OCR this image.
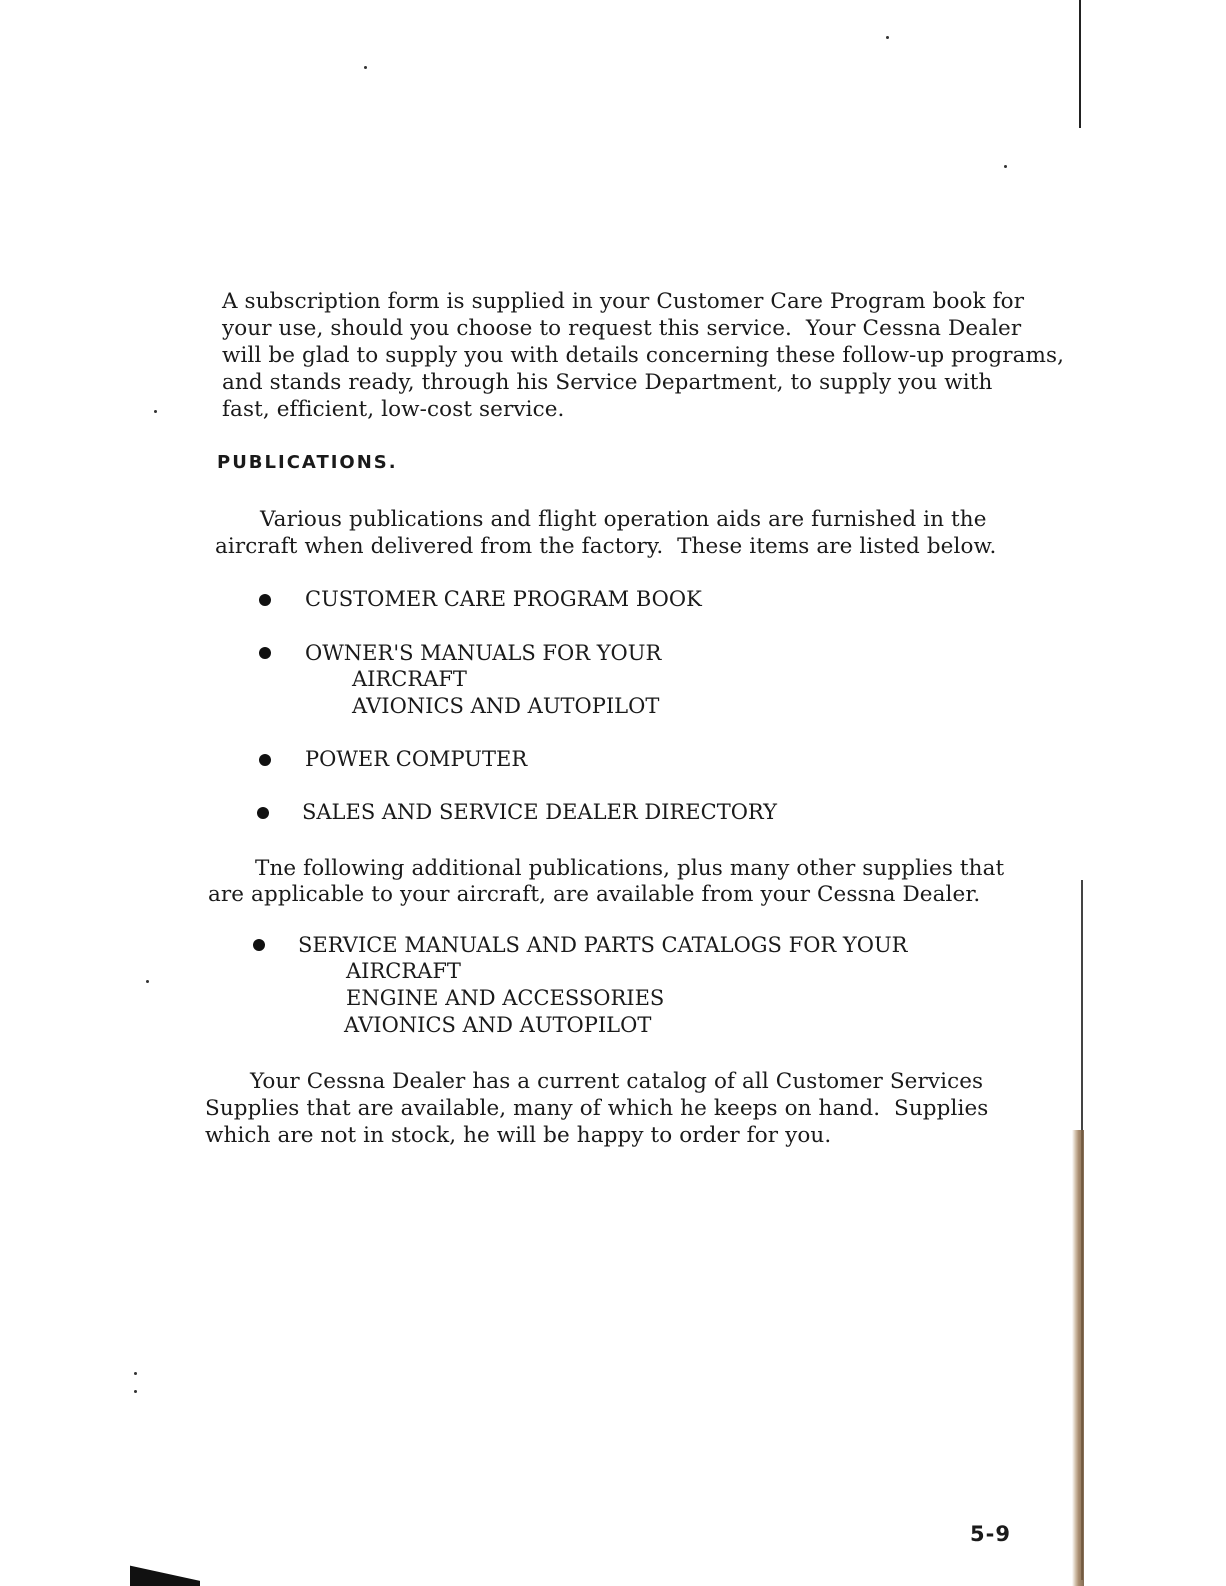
A subscription form is supplied in your Customer Care Program book for

your use, should you choose to request this service.  Your Cessna Dealer

will be glad to supply you with details concerning these follow-up programs,

and stands ready, through his Service Department, to supply you with

fast, efficient, low-cost service.

PUBLICATIONS.

Various publications and flight operation aids are furnished in the

aircraft when delivered from the factory.  These items are listed below.

CUSTOMER CARE PROGRAM BOOK

OWNER'S MANUALS FOR YOUR

AIRCRAFT

AVIONICS AND AUTOPILOT

POWER COMPUTER

SALES AND SERVICE DEALER DIRECTORY

Tne following additional publications, plus many other supplies that

are applicable to your aircraft, are available from your Cessna Dealer.

SERVICE MANUALS AND PARTS CATALOGS FOR YOUR

AIRCRAFT

ENGINE AND ACCESSORIES

AVIONICS AND AUTOPILOT

Your Cessna Dealer has a current catalog of all Customer Services

Supplies that are available, many of which he keeps on hand.  Supplies

which are not in stock, he will be happy to order for you.

5-9
